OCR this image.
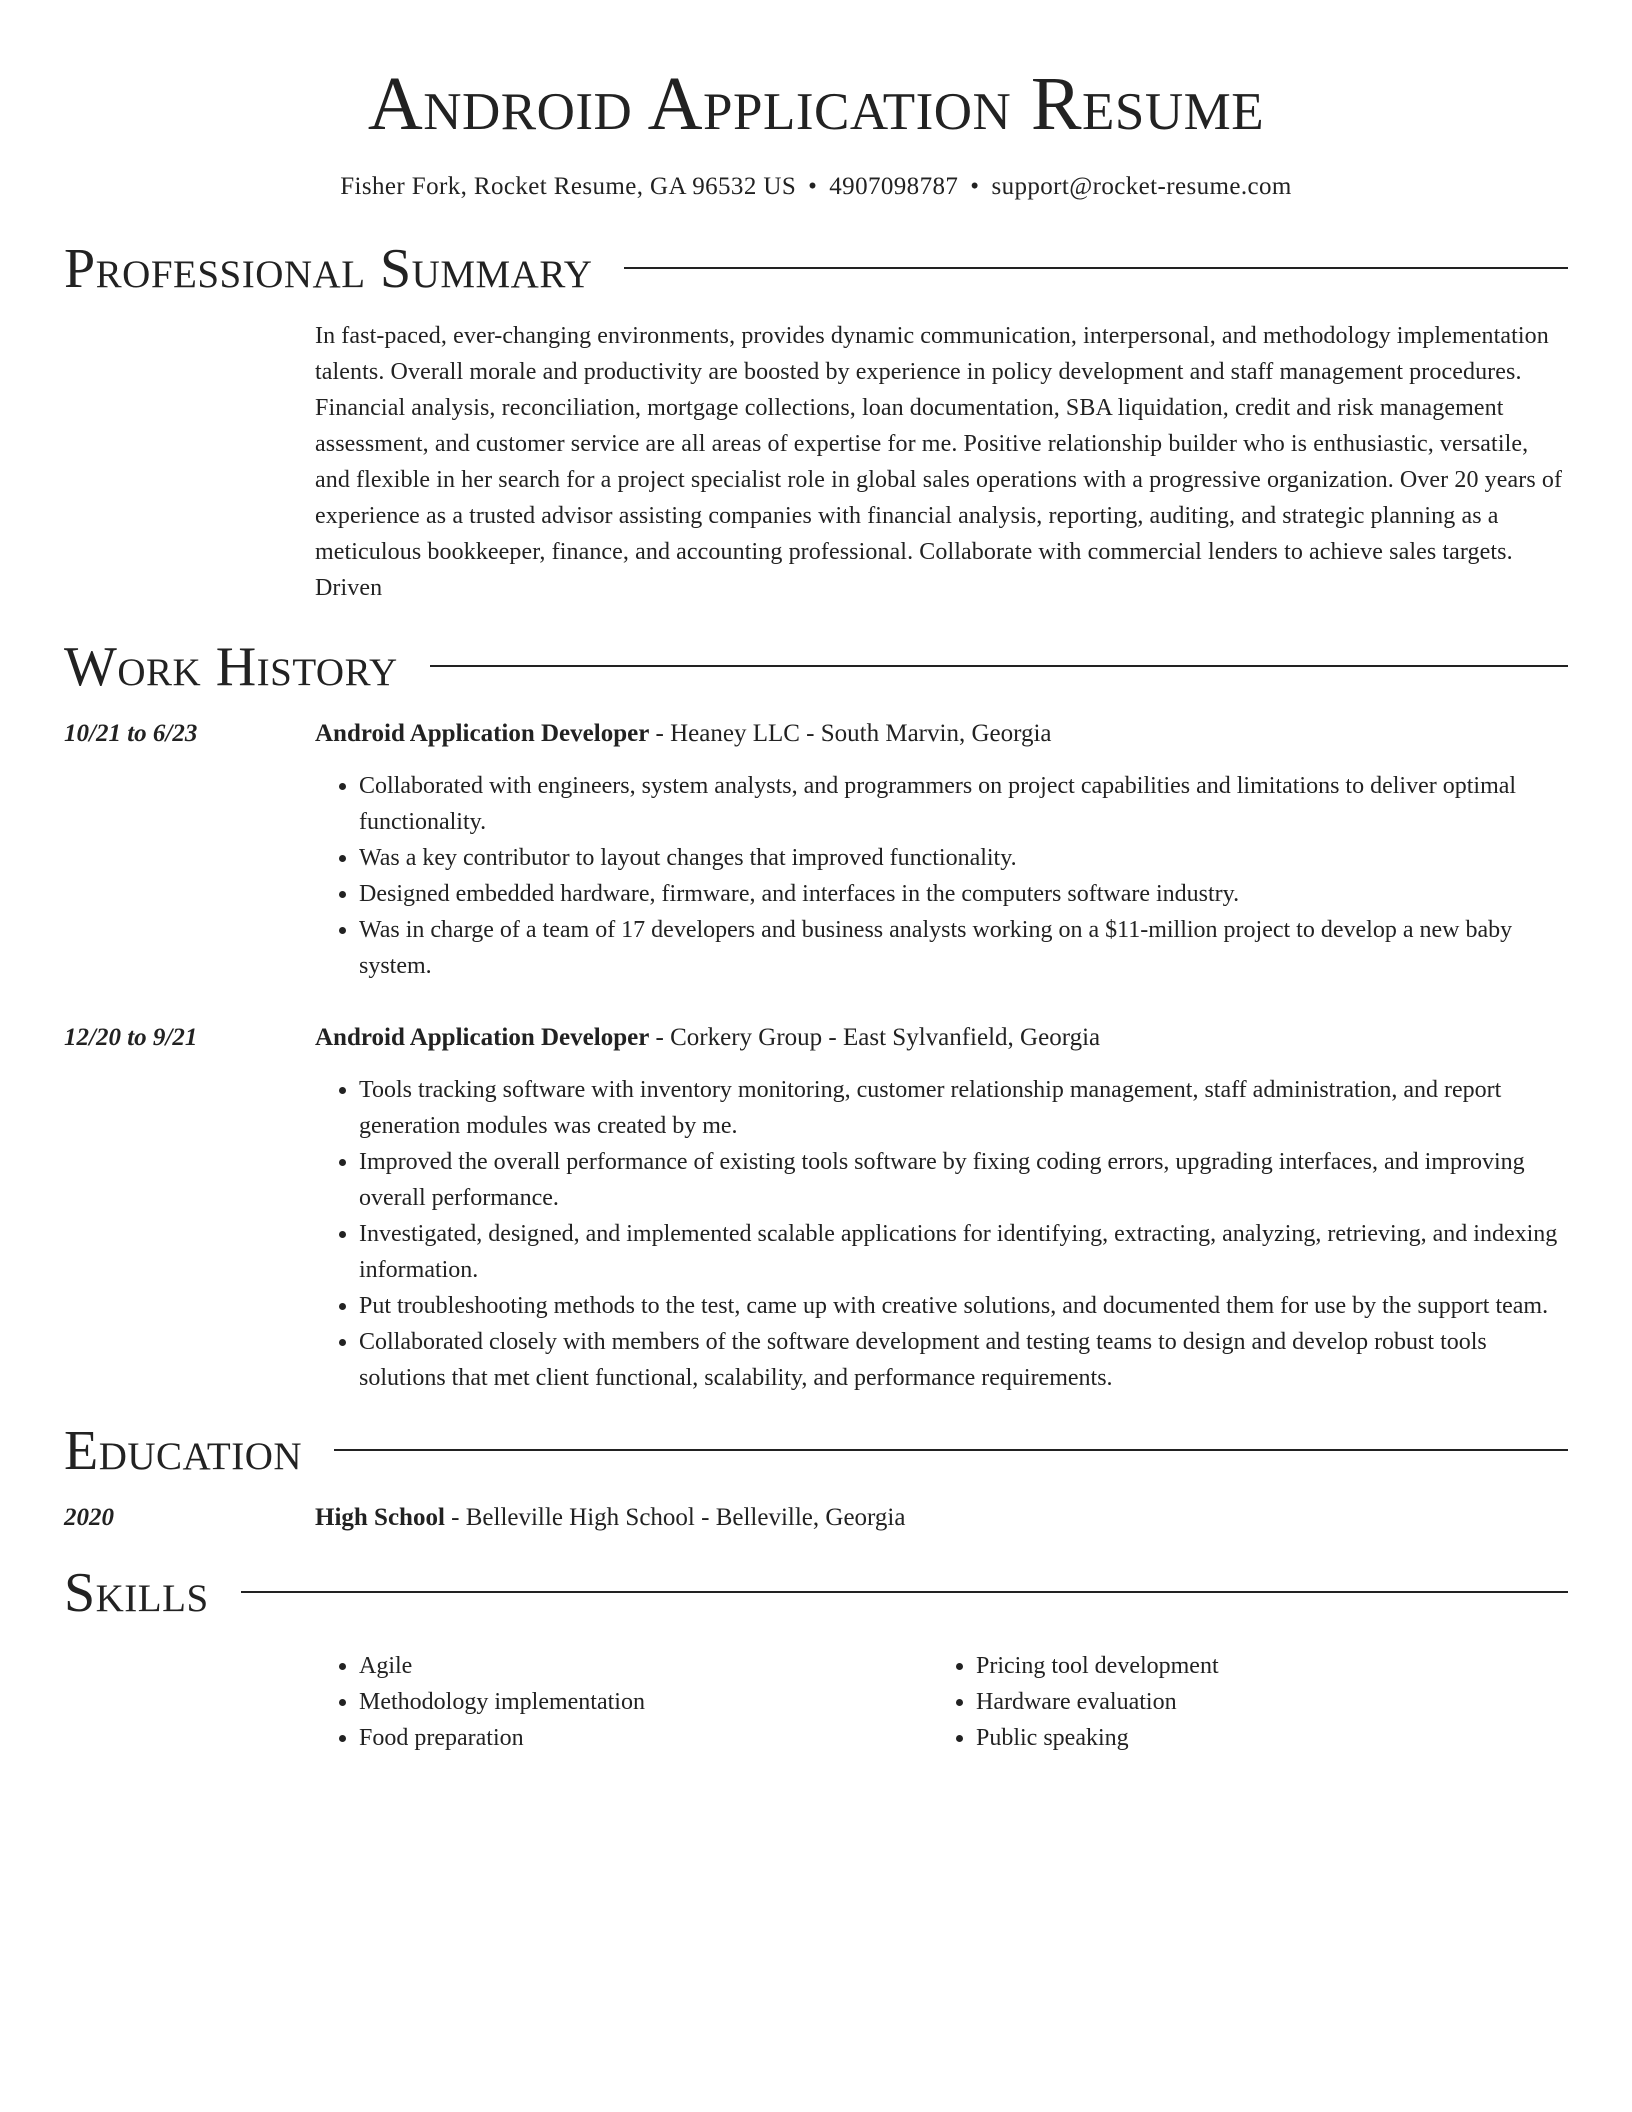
Android Application Resume
Fisher Fork, Rocket Resume, GA 96532 US • 4907098787 • support@rocket-resume.com
Professional Summary
In fast-paced, ever-changing environments, provides dynamic communication, interpersonal, and methodology implementation talents. Overall morale and productivity are boosted by experience in policy development and staff management procedures. Financial analysis, reconciliation, mortgage collections, loan documentation, SBA liquidation, credit and risk management assessment, and customer service are all areas of expertise for me. Positive relationship builder who is enthusiastic, versatile, and flexible in her search for a project specialist role in global sales operations with a progressive organization. Over 20 years of experience as a trusted advisor assisting companies with financial analysis, reporting, auditing, and strategic planning as a meticulous bookkeeper, finance, and accounting professional. Collaborate with commercial lenders to achieve sales targets. Driven
Work History
10/21 to 6/23	Android Application Developer - Heaney LLC - South Marvin, Georgia
• Collaborated with engineers, system analysts, and programmers on project capabilities and limitations to deliver optimal functionality.
• Was a key contributor to layout changes that improved functionality.
• Designed embedded hardware, firmware, and interfaces in the computers software industry.
• Was in charge of a team of 17 developers and business analysts working on a $11-million project to develop a new baby system.
12/20 to 9/21	Android Application Developer - Corkery Group - East Sylvanfield, Georgia
• Tools tracking software with inventory monitoring, customer relationship management, staff administration, and report generation modules was created by me.
• Improved the overall performance of existing tools software by fixing coding errors, upgrading interfaces, and improving overall performance.
• Investigated, designed, and implemented scalable applications for identifying, extracting, analyzing, retrieving, and indexing information.
• Put troubleshooting methods to the test, came up with creative solutions, and documented them for use by the support team.
• Collaborated closely with members of the software development and testing teams to design and develop robust tools solutions that met client functional, scalability, and performance requirements.
Education
2020	High School - Belleville High School - Belleville, Georgia
Skills
• Agile
• Methodology implementation
• Food preparation
• Pricing tool development
• Hardware evaluation
• Public speaking
